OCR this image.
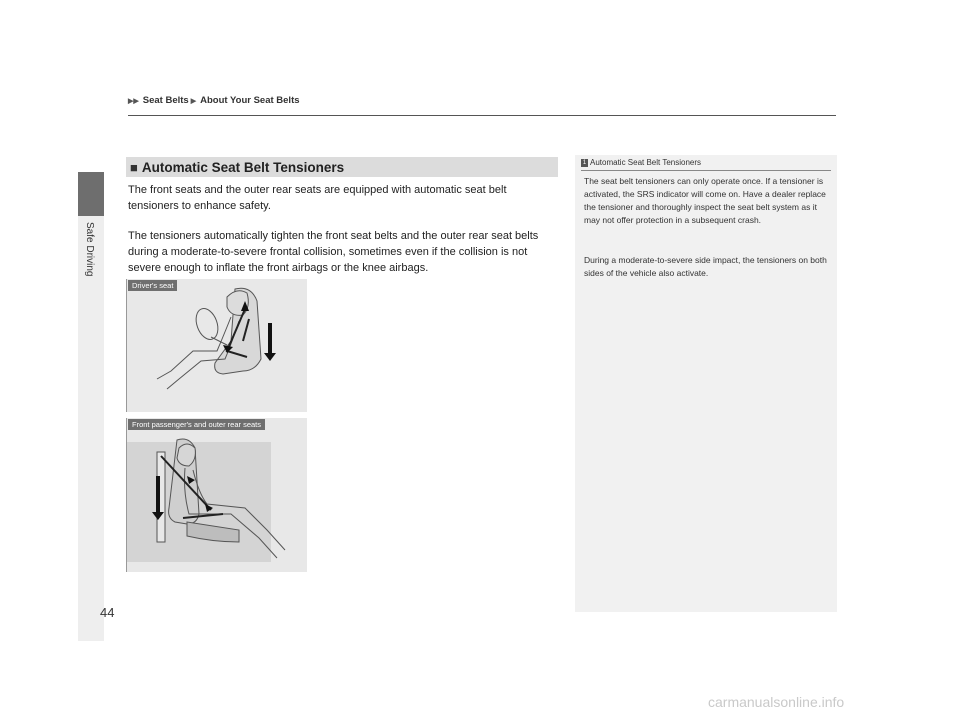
▶▶ Seat Belts ▶ About Your Seat Belts
Safe Driving
44
■ Automatic Seat Belt Tensioners

The front seats and the outer rear seats are equipped with automatic seat belt tensioners to enhance safety.

The tensioners automatically tighten the front seat belts and the outer rear seat belts during a moderate-to-severe frontal collision, sometimes even if the collision is not severe enough to inflate the front airbags or the knee airbags.

Driver's seat
Front passenger's and outer rear seats
1 Automatic Seat Belt Tensioners

The seat belt tensioners can only operate once. If a tensioner is activated, the SRS indicator will come on. Have a dealer replace the tensioner and thoroughly inspect the seat belt system as it may not offer protection in a subsequent crash.

During a moderate-to-severe side impact, the tensioners on both sides of the vehicle also activate.

carmanualsonline.info
